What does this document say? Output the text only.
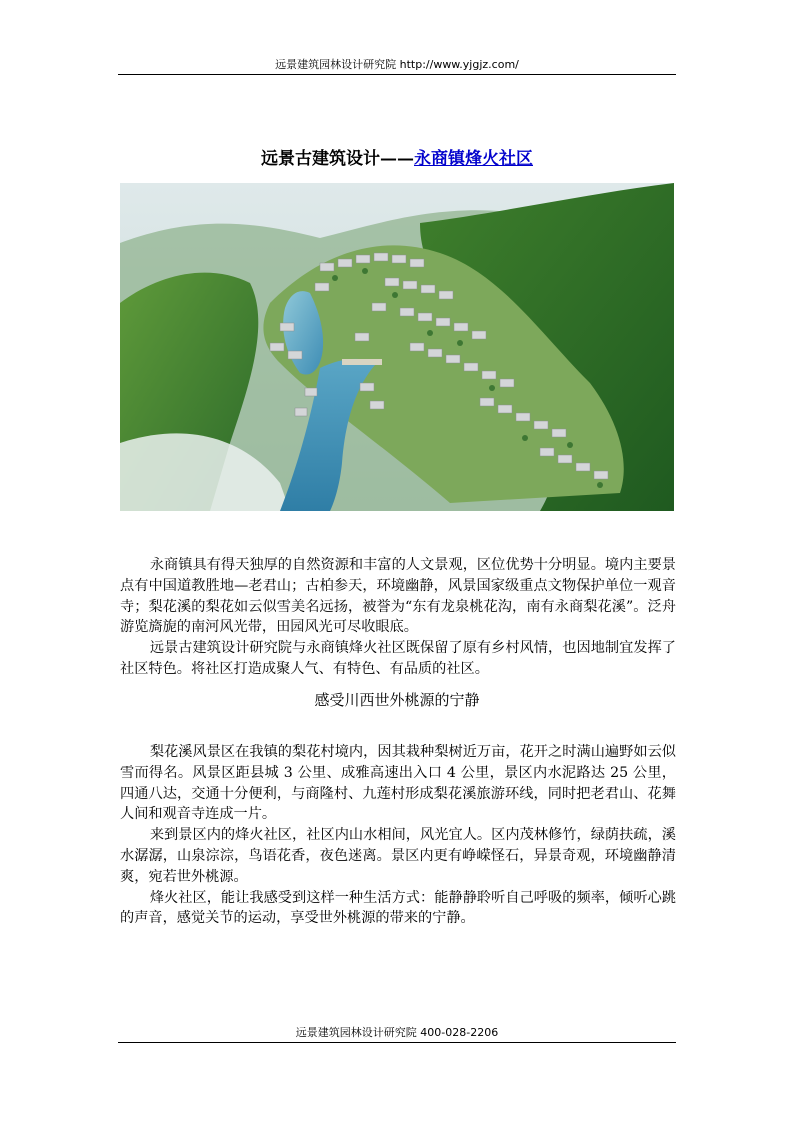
远景建筑园林设计研究院 http://www.yjgjz.com/
远景古建筑设计——永商镇烽火社区

永商镇具有得天独厚的自然资源和丰富的人文景观，区位优势十分明显。境内主要景点有中国道教胜地—老君山；古柏参天，环境幽静，风景国家级重点文物保护单位一观音寺；梨花溪的梨花如云似雪美名远扬，被誉为“东有龙泉桃花沟，南有永商梨花溪”。泛舟游览旖旎的南河风光带，田园风光可尽收眼底。

远景古建筑设计研究院与永商镇烽火社区既保留了原有乡村风情，也因地制宜发挥了社区特色。将社区打造成聚人气、有特色、有品质的社区。

感受川西世外桃源的宁静

梨花溪风景区在我镇的梨花村境内，因其栽种梨树近万亩，花开之时满山遍野如云似雪而得名。风景区距县城 3 公里、成雅高速出入口 4 公里，景区内水泥路达 25 公里，四通八达，交通十分便利，与商隆村、九莲村形成梨花溪旅游环线，同时把老君山、花舞人间和观音寺连成一片。

来到景区内的烽火社区，社区内山水相间，风光宜人。区内茂林修竹，绿荫扶疏，溪水潺潺，山泉淙淙，鸟语花香，夜色迷离。景区内更有峥嵘怪石，异景奇观，环境幽静清爽，宛若世外桃源。

烽火社区，能让我感受到这样一种生活方式：能静静聆听自己呼吸的频率，倾听心跳的声音，感觉关节的运动，享受世外桃源的带来的宁静。

远景建筑园林设计研究院 400-028-2206
